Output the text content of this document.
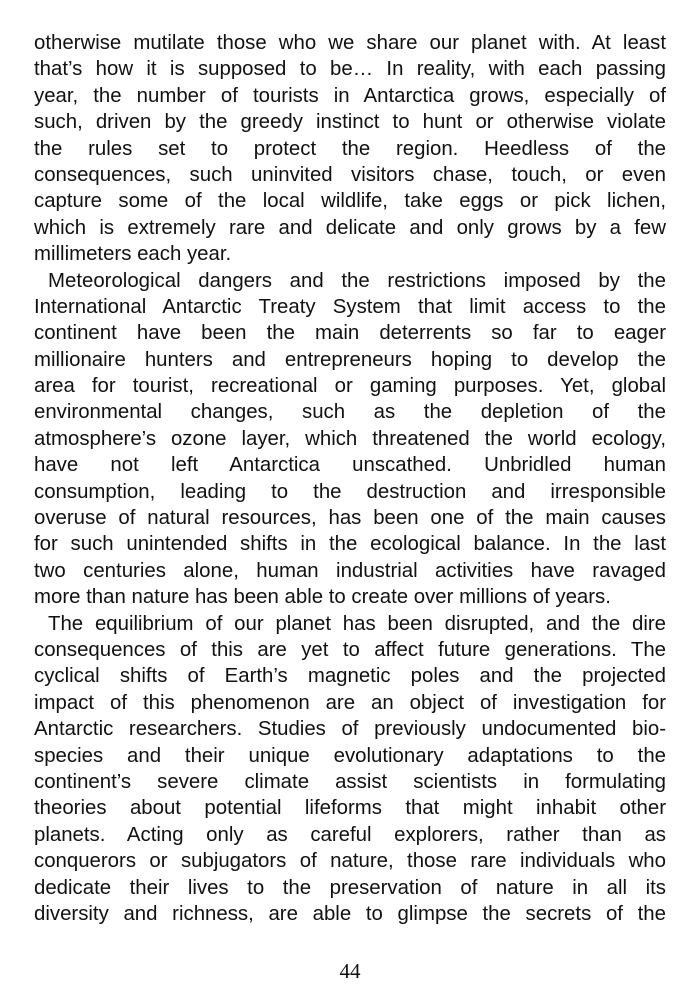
otherwise mutilate those who we share our planet with. At least
that’s how it is supposed to be… In reality, with each passing
year, the number of tourists in Antarctica grows, especially of
such, driven by the greedy instinct to hunt or otherwise violate
the rules set to protect the region. Heedless of the
consequences, such uninvited visitors chase, touch, or even
capture some of the local wildlife, take eggs or pick lichen,
which is extremely rare and delicate and only grows by a few
millimeters each year.

Meteorological dangers and the restrictions imposed by the
International Antarctic Treaty System that limit access to the
continent have been the main deterrents so far to eager
millionaire hunters and entrepreneurs hoping to develop the
area for tourist, recreational or gaming purposes. Yet, global
environmental changes, such as the depletion of the
atmosphere’s ozone layer, which threatened the world ecology,
have not left Antarctica unscathed. Unbridled human
consumption, leading to the destruction and irresponsible
overuse of natural resources, has been one of the main causes
for such unintended shifts in the ecological balance. In the last
two centuries alone, human industrial activities have ravaged
more than nature has been able to create over millions of years.

The equilibrium of our planet has been disrupted, and the dire
consequences of this are yet to affect future generations. The
cyclical shifts of Earth’s magnetic poles and the projected
impact of this phenomenon are an object of investigation for
Antarctic researchers. Studies of previously undocumented bio-
species and their unique evolutionary adaptations to the
continent’s severe climate assist scientists in formulating
theories about potential lifeforms that might inhabit other
planets. Acting only as careful explorers, rather than as
conquerors or subjugators of nature, those rare individuals who
dedicate their lives to the preservation of nature in all its
diversity and richness, are able to glimpse the secrets of the

44
